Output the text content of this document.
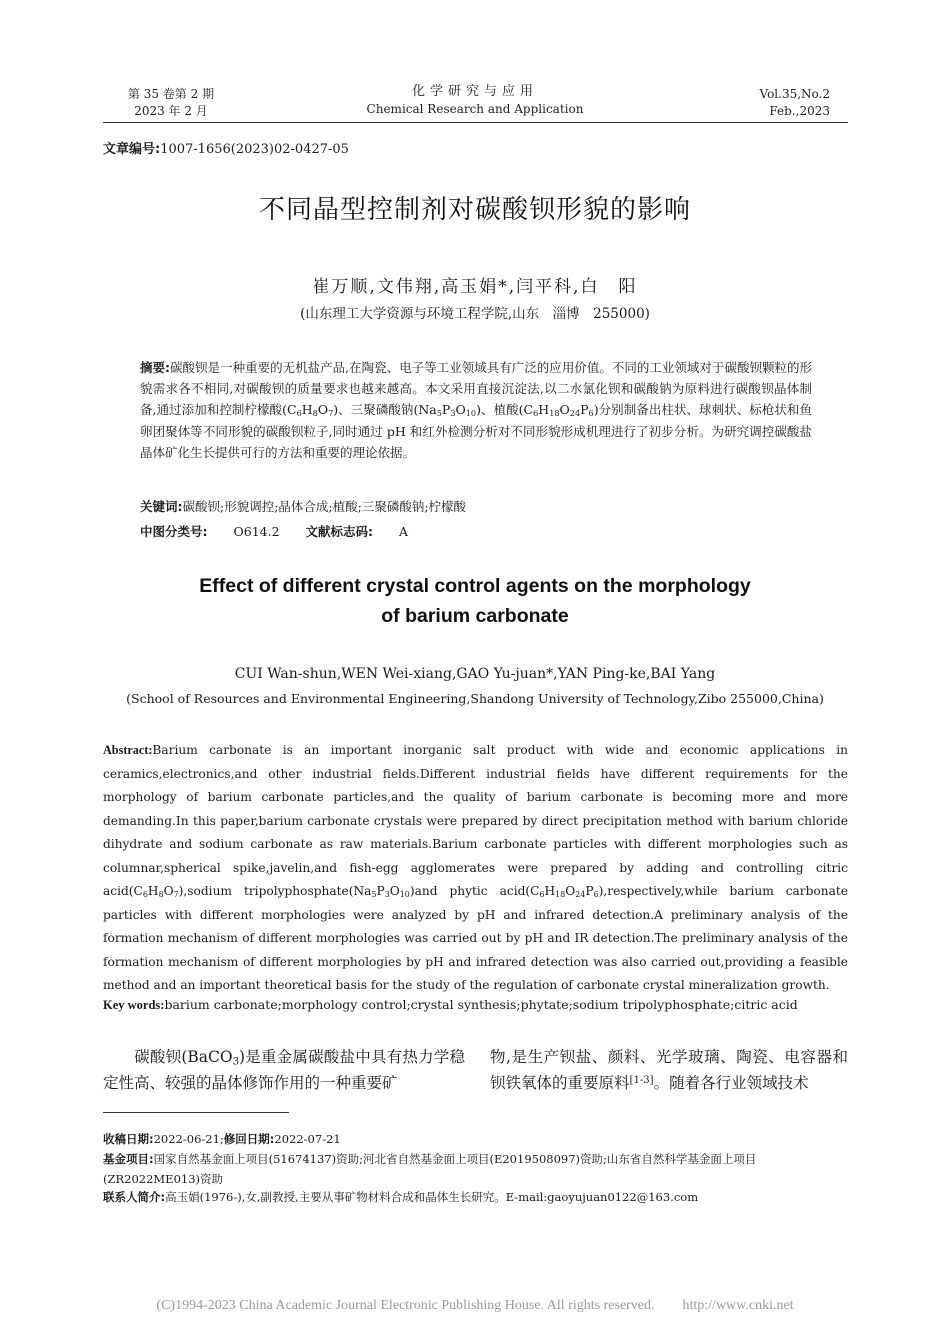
第 35 卷第 2 期
2023 年 2 月
化学研究与应用
Chemical Research and Application
Vol.35,No.2
Feb.,2023
文章编号:1007-1656(2023)02-0427-05
不同晶型控制剂对碳酸钡形貌的影响
崔万顺,文伟翔,高玉娟*,闫平科,白　阳
(山东理工大学资源与环境工程学院,山东　淄博　255000)
摘要:碳酸钡是一种重要的无机盐产品,在陶瓷、电子等工业领域具有广泛的应用价值。不同的工业领域对于碳酸钡颗粒的形貌需求各不相同,对碳酸钡的质量要求也越来越高。本文采用直接沉淀法,以二水氯化钡和碳酸钠为原料进行碳酸钡晶体制备,通过添加和控制柠檬酸$(C_6H_8O_7)$、三聚磷酸钠$(Na_5P_3O_{10})$、植酸$(C_6H_{18}O_{24}P_6)$分别制备出柱状、球刺状、标枪状和鱼卵团聚体等不同形貌的碳酸钡粒子,同时通过 pH 和红外检测分析对不同形貌形成机理进行了初步分析。为研究调控碳酸盐晶体矿化生长提供可行的方法和重要的理论依据。
关键词:碳酸钡;形貌调控;晶体合成;植酸;三聚磷酸钠;柠檬酸
中图分类号: O614.2 文献标志码: A
Effect of different crystal control agents on the morphology
of barium carbonate
CUI Wan-shun,WEN Wei-xiang,GAO Yu-juan*,YAN Ping-ke,BAI Yang
(School of Resources and Environmental Engineering,Shandong University of Technology,Zibo 255000,China)
Abstract:Barium carbonate is an important inorganic salt product with wide and economic applications in ceramics,electronics,and other industrial fields.Different industrial fields have different requirements for the morphology of barium carbonate particles,and the quality of barium carbonate is becoming more and more demanding.In this paper,barium carbonate crystals were prepared by direct precipitation method with barium chloride dihydrate and sodium carbonate as raw materials.Barium carbonate particles with different morphologies such as columnar,spherical spike,javelin,and fish-egg agglomerates were prepared by adding and controlling citric $acid(C_6H_8O_7),sodium$ $tripolyphosphate(Na_5P_3O_{10})and$ phytic $acid(C_6H_{18}O_{24}P_6),respectively,while$ barium carbonate particles with different morphologies were analyzed by pH and infrared detection.A preliminary analysis of the formation mechanism of different morphologies was carried out by pH and IR detection.The preliminary analysis of the formation mechanism of different morphologies by pH and infrared detection was also carried out,providing a feasible method and an important theoretical basis for the study of the regulation of carbonate crystal mineralization growth.
Key words:barium carbonate;morphology control;crystal synthesis;phytate;sodium tripolyphosphate;citric acid
碳酸钡(BaCO$_3$)是重金属碳酸盐中具有热力学稳定性高、较强的晶体修饰作用的一种重要矿
物,是生产钡盐、颜料、光学玻璃、陶瓷、电容器和钡铁氧体的重要原料[1-3]。随着各行业领域技术
收稿日期:2022-06-21;修回日期:2022-07-21
基金项目:国家自然基金面上项目(51674137)资助;河北省自然基金面上项目(E2019508097)资助;山东省自然科学基金面上项目(ZR2022ME013)资助
联系人简介:高玉娟(1976-),女,副教授,主要从事矿物材料合成和晶体生长研究。E-mail:gaoyujuan0122@163.com
(C)1994-2023 China Academic Journal Electronic Publishing House. All rights reserved.　　http://www.cnki.net
